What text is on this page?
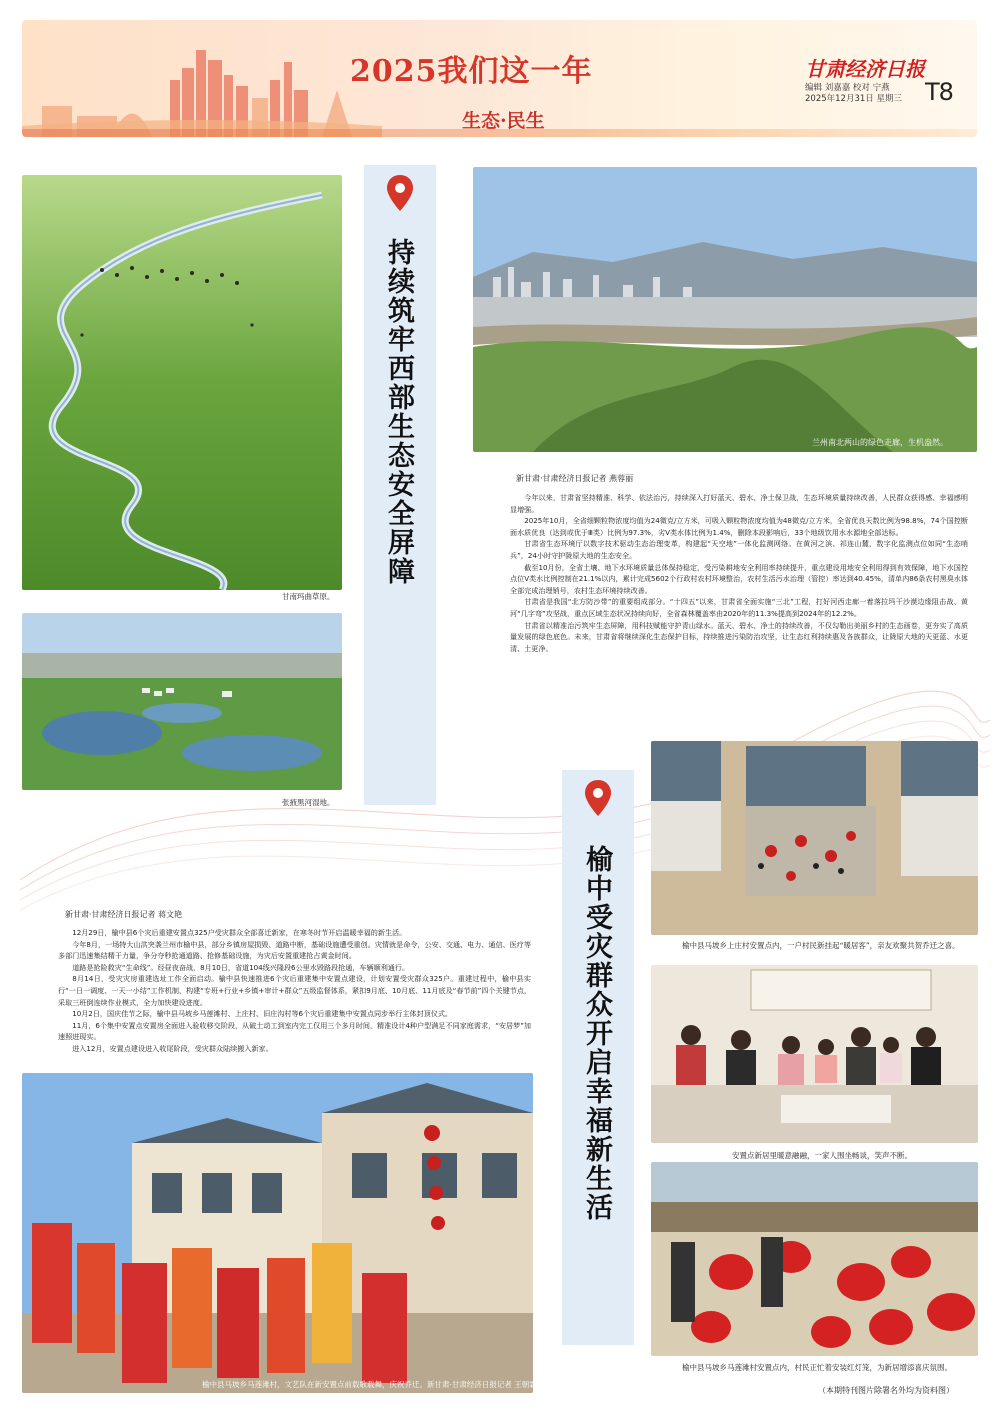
2025我们这一年
生态·民生
甘肃经济日报
编辑 刘嘉嘉 校对 宁燕
2025年12月31日 星期三 T8
甘南玛曲草原。
张掖黑河湿地。
持续筑牢西部生态安全屏障	兰州南北两山的绿色走廊，生机盎然。
新甘肃·甘肃经济日报记者 燕蓉丽

今年以来，甘肃省坚持精准、科学、依法治污，持续深入打好蓝天、碧水、净土保卫战，生态环境质量持续改善，人民群众获得感、幸福感明显增强。

2025年10月，全省细颗粒物浓度均值为24微克/立方米，可吸入颗粒物浓度均值为48微克/立方米，全省优良天数比例为98.8%，74个国控断面水质优良（达到或优于Ⅲ类）比例为97.3%，劣Ⅴ类水体比例为1.4%，删除本段影响后，33个地级饮用水水源地全部达标。

甘肃省生态环境厅以数字技术驱动生态治理变革，构建起“天空地”一体化监测网络。在黄河之滨、祁连山麓，数字化监测点位如同“生态哨兵”，24小时守护陇原大地的生态安全。

截至10月份，全省土壤、地下水环境质量总体保持稳定，受污染耕地安全利用率持续提升，重点建设用地安全利用得到有效保障，地下水国控点位Ⅴ类水比例控制在21.1%以内，累计完成5602个行政村农村环境整治，农村生活污水治理（管控）率达到40.45%，清单内86条农村黑臭水体全部完成治理销号，农村生态环境持续改善。

甘肃省是我国“北方防沙带”的重要组成部分。“十四五”以来，甘肃省全面实施“三北”工程，打好河西走廊一着落拉玛干沙漠边缘阻击战、黄河“几字弯”攻坚战，重点区域生态状况持续向好，全省森林覆盖率由2020年的11.3%提高到2024年的12.2%。

甘肃省以精准治污筑牢生态屏障，用科技赋能守护青山绿水。蓝天、碧水、净土的持续改善，不仅勾勒出美丽乡村的生态画卷，更夯实了高质量发展的绿色底色。未来，甘肃省将继续深化生态保护目标，持续推进污染防治攻坚，让生态红利持续惠及各族群众，让陇原大地的天更蓝、水更清、土更净。

榆中受灾群众开启幸福新生活	榆中县马坡乡上庄村安置点内，一户村民新挂起“暖居客”，亲友欢聚共贺乔迁之喜。
安置点新居里暖意融融，一家人围坐畅谈，笑声不断。
榆中县马坡乡马莲滩村安置点内，村民正忙着安装红灯笼，为新居增添喜庆氛围。
新甘肃·甘肃经济日报记者 蒋文艳

12月29日，榆中县6个灾后重建安置点325户受灾群众全部喜迁新家，在寒冬时节开启温暖幸福的新生活。

今年8月，一场特大山洪突袭兰州市榆中县，部分乡镇房屋损毁、道路中断，基础设施遭受重创。灾情就是命令，公安、交通、电力、通信、医疗等多部门迅速集结精干力量，争分夺秒抢通道路、抢修基础设施，为灾后安置重建抢占黄金时间。

道路是抢险救灾“生命线”。经昼夜奋战，8月10日，省道104线兴隆段6公里水毁路段抢通，车辆顺利通行。

8月14日，受灾灾房重建选址工作全面启动。榆中县快速推进6个灾后重建集中安置点建设，计划安置受灾群众325户。重建过程中，榆中县实行“一日一调度、一天一小结”工作机制，构建“专班+行业+乡镇+审计+群众”五级监督体系，紧扣9月底、10月底、11月底及“春节前”四个关键节点，采取三班倒连续作业模式，全力加快建设进度。

10月2日，国庆佳节之际，榆中县马坡乡马莲滩村、上庄村、旧庄沟村等6个灾后重建集中安置点同步举行主体封顶仪式。

11月，6个集中安置点安置房全面进入验收移交阶段，从破土动工到室内完工仅用三个多月时间，精准设计4种户型满足不同家庭需求，“安居梦”加速照进现实。

进入12月，安置点建设进入收尾阶段，受灾群众陆续搬入新家。

榆中县马坡乡马莲滩村，文艺队在新安置点前载歌载舞，庆祝乔迁。新甘肃·甘肃经济日报记者 王朝霖 摄
（本期特刊图片除署名外均为资料图）
